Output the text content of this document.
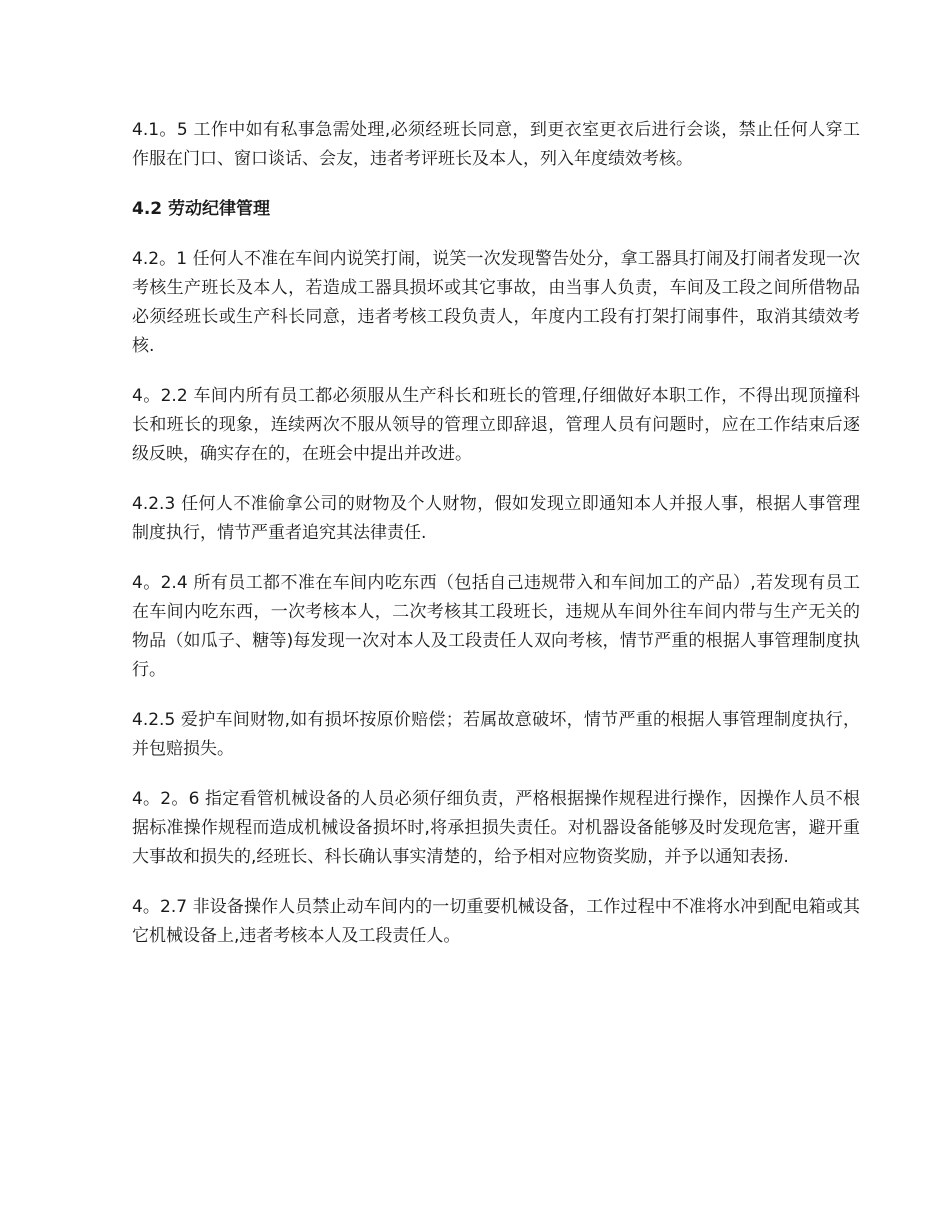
4.1。5 工作中如有私事急需处理,必须经班长同意，到更衣室更衣后进行会谈，禁止任何人穿工作服在门口、窗口谈话、会友，违者考评班长及本人，列入年度绩效考核。

4.2 劳动纪律管理

4.2。1 任何人不准在车间内说笑打闹，说笑一次发现警告处分，拿工器具打闹及打闹者发现一次考核生产班长及本人，若造成工器具损坏或其它事故，由当事人负责，车间及工段之间所借物品必须经班长或生产科长同意，违者考核工段负责人，年度内工段有打架打闹事件，取消其绩效考核.

4。2.2 车间内所有员工都必须服从生产科长和班长的管理,仔细做好本职工作，不得出现顶撞科长和班长的现象，连续两次不服从领导的管理立即辞退，管理人员有问题时，应在工作结束后逐级反映，确实存在的，在班会中提出并改进。

4.2.3 任何人不准偷拿公司的财物及个人财物，假如发现立即通知本人并报人事，根据人事管理制度执行，情节严重者追究其法律责任.

4。2.4 所有员工都不准在车间内吃东西（包括自己违规带入和车间加工的产品）,若发现有员工在车间内吃东西，一次考核本人，二次考核其工段班长，违规从车间外往车间内带与生产无关的物品（如瓜子、糖等)每发现一次对本人及工段责任人双向考核，情节严重的根据人事管理制度执行。

4.2.5 爱护车间财物,如有损坏按原价赔偿；若属故意破坏，情节严重的根据人事管理制度执行，并包赔损失。

4。2。6 指定看管机械设备的人员必须仔细负责，严格根据操作规程进行操作，因操作人员不根据标准操作规程而造成机械设备损坏时,将承担损失责任。对机器设备能够及时发现危害，避开重大事故和损失的,经班长、科长确认事实清楚的，给予相对应物资奖励，并予以通知表扬.

4。2.7 非设备操作人员禁止动车间内的一切重要机械设备，工作过程中不准将水冲到配电箱或其它机械设备上,违者考核本人及工段责任人。
